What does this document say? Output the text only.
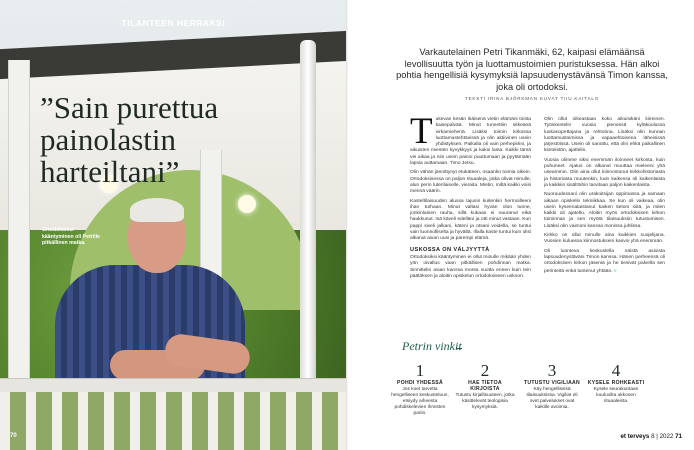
TILANTEEN HERRAKSI
”Sain purettua
painolastin
harteiltani”
Ortodoksiksi kääntyminen oli Petrille pitkällinen matka.
70
Varkautelainen Petri Tikanmäki, 62, kaipasi elämäänsä levollisuutta työn ja luottamustoimien puristuksessa. Hän alkoi pohtia hengellisiä kysymyksiä lapsuudenystävänsä Timon kanssa, joka oli ortodoksi.
TEKSTI IRINA BJÖRKMAN KUVAT TIIU KAITALO
T ukevan kesän ikäisenä vietin elämäni toista kasiepalvää. Minut tunnettiin sitkeänä virkamiehenä. Lisäksi toimin kirkossa luottamustehtävissä ja olin aktiivinen usein yhdistyksen. Paikalla oli vain perhepiirini, ja aikuisten miesten kyvykkyys ja kaksi lasta. Kaikki tämä vei aikaa ja niin usein painoi puuttumaan ja pyytämään lapsia auttamaan. Timo Jetsu.

Olin vähän jännittynyt etukäteen, osaanko toimia oikein. Ortodoksisessa on paljon rituaaleja, jotka olivat minulle, alun perin luterilaiselle, vieraita. Mietin, miltä kaikki voisi mennä väärin.

Kasteltilaisuuden alussa tajusin kuitenkin hermoilleeni ihan turhaan. Minut valtasi hyvän olon tunne, jonkinlainen rauha, sillä kukaan ei nauranut eikä haukkunut. Isä käveli edelläni ja otti minut vastaan. Kun pappi siveli jalkani, käteni ja otsani voidella, se tuntui vain luonnolliselta ja hyvältä. Illalla kaste tuntui kuin olisi alkanut aivan uusi ja parempi elämä.

USKOSSA ON VÄLJYYTTÄ

Ortodoksiksi kääntyminen ei ollut minulle mikään yhden yön oivallus vaan pitkällisen pohdinnan matka. Sinnittelin asian kanssa monta vuotta ennen kuin tein päätöksen ja aloitin opiskelun ortodoksiseen uskoon.

Olin ollut oikeastaan koko aikuisikäni kiireinen. Työskentelin vuosia pienessä kyläkoulussa luokanopettajana ja rehtorina. Lisäksi olin kunnan luottamustoimissa ja vapaaehtoisena läheisissä järjestöissä. Usein oli sanottu, että olin ehkä paikallinen kiinteistön, ajattelin.

Vuosia olimme siksi enemmän iloinneet kirkosta, kuin puhuneet. Ajatus on alkanut muuttaa mieleeni yhä useammin. Olin aina ollut kiinnostunut kirkkohistoriasta ja historiasta muutenkin, kuin kaikessa oli kaikenlaista ja kaikkiin sisältöihin tarvitaan paljon kaikenlaista.

Nuoruudessani olin urakoitsijan oppimassa ja samaan aikaan opiskelin tekniikkaa. Se kun oli vaikeaa, olin usein kyseenalaistanut kaiken tietoni siitä, ja miten kaikki oli ajateltu. Aloitin myös ortodoksisen kirkon toiminnan ja sen myötä tilaisuuksiin tutustumisen. Lisäksi olin vaimoni kanssa monissa juhlissa.

Kirkko on ollut minulle aina kaikkien suojelijana. Vuosien kuluessa kiinnostukseni kasvoi yhä enemmän.

Oli luonteva keskustella näistä asioista lapsuudenystäväni Timon kanssa. Hänen perheensä oli ortodoksisen kirkon jäseniä ja he tiesivät palvella sen perinteitä enkä tuntenut yhtään. »

Petrin vinkit
1
POHDI YHDESSÄ
Jos koet tarvetta hengelliseen keskusteluun, etsiydy aiheesta pohdiskelevien ihmisten pariin.
2
HAE TIETOA KIRJOISTA
Tutustu kirjallisuuteen, jotka käsittelevät teologisia kysymyksiä.
3
TUTUSTU VIGILIAAN
Käy hengellisissä tilaisuuksissa. Vigiliat eli ovet palvelukset ovat kaikille avoimia.
4
KYSELE ROHKEASTI
Kysele seurakuntaan kuuluvilta ukkonen rituaaleista.
et terveys 8 | 2022 71
